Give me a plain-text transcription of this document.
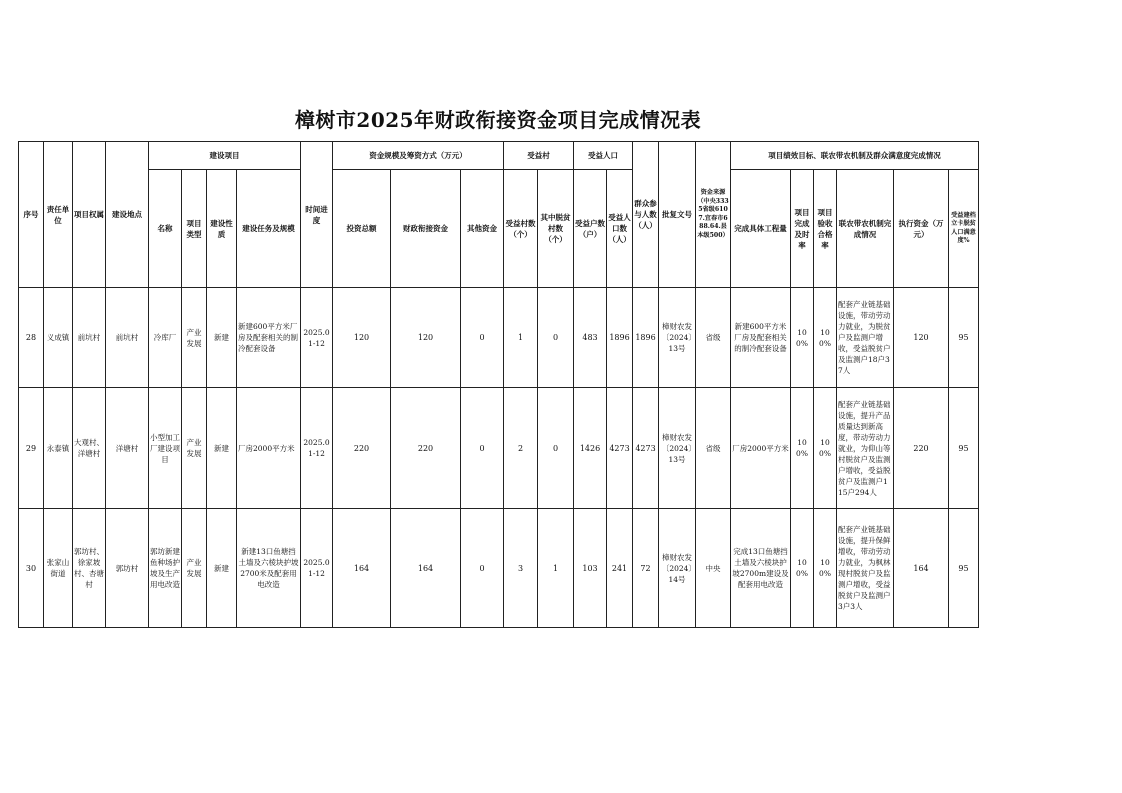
樟树市2025年财政衔接资金项目完成情况表
序号	责任单位	项目权属	建设地点	建设项目				时间进度	资金规模及筹资方式（万元）			受益村		受益人口		群众参与人数（人）	批复文号	资金来源（中央3335省级6107.宜春市688.64.县本级500）	项目绩效目标、联农带农机制及群众满意度完成情况					
				名称	项目类型	建设性质	建设任务及规模		投资总额	财政衔接资金	其他资金	受益村数（个）	其中脱贫村数（个）	受益户数（户）	受益人口数（人）				完成具体工程量	项目完成及时率	项目验收合格率	联农带农机制完成情况	执行资金（万元）	受益建档立卡脱贫人口满意度%
28	义成镇	前坑村	前坑村	冷库厂	产业发展	新建	新建600平方米厂房及配套相关的制冷配套设备	2025.01-12	120	120	0	1	0	483	1896	1896	樟财农发〔2024〕13号	省级	新建600平方米厂房及配套相关的制冷配套设备	100%	100%	配套产业链基础设施，带动劳动力就业，为脱贫户及监测户增收，受益脱贫户及监测户18户37人	120	95
29	永泰镇	大观村、洋塘村	洋塘村	小型加工厂建设项目	产业发展	新建	厂房2000平方米	2025.01-12	220	220	0	2	0	1426	4273	4273	樟财农发〔2024〕13号	省级	厂房2000平方米	100%	100%	配套产业链基础设施，提升产品质量达到新高度，带动劳动力就业，为仰山等村脱贫户及监测户增收，受益脱贫户及监测户115户294人	220	95
30	张家山街道	郭坊村、徐家坡村、杏塘村	郭坊村	郭坊新建鱼种场护坡及生产用电改造	产业发展	新建	新建13口鱼塘挡土墙及六棱块护坡2700米及配套用电改造	2025.01-12	164	164	0	3	1	103	241	72	樟财农发〔2024〕14号	中央	完成13口鱼塘挡土墙及六棱块护坡2700m建设及配套用电改造	100%	100%	配套产业链基础设施，提升保鲜增收，带动劳动力就业，为枫林现村脱贫户及监测户增收，受益脱贫户及监测户3户3人	164	95
